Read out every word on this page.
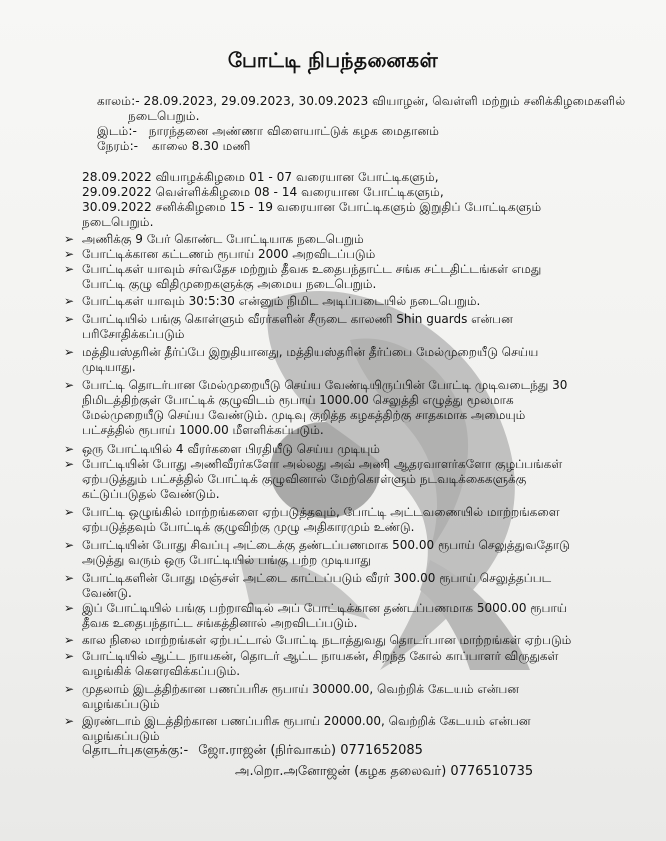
போட்டி நிபந்தனைகள்
காலம்:- 28.09.2023, 29.09.2023, 30.09.2023 வியாழன், வெள்ளி மற்றும் சனிக்கிழமைகளில்
நடைபெறும்.
இடம்:- நாரந்தனை அண்ணா விளையாட்டுக் கழக மைதானம்
நேரம்:- காலை 8.30 மணி
28.09.2022 வியாழக்கிழமை 01 - 07 வரையான போட்டிகளும்,
29.09.2022 வெள்ளிக்கிழமை 08 - 14 வரையான போட்டிகளும்,
30.09.2022 சனிக்கிழமை 15 - 19 வரையான போட்டிகளும் இறுதிப் போட்டிகளும்
நடைபெறும்.
➢ அணிக்கு 9 பேர் கொண்ட போட்டியாக நடைபெறும்
➢ போட்டிக்கான கட்டணம் ரூபாய் 2000 அறவிடப்படும்
➢ போட்டிகள் யாவும் சர்வதேச மற்றும் தீவக உதைபந்தாட்ட சங்க சட்டதிட்டங்கள் எமது
போட்டி குழு விதிமுறைகளுக்கு அமைய நடைபெறும்.
➢ போட்டிகள் யாவும் 30:5:30 என்னும் நிமிட அடிப்படையில் நடைபெறும்.
➢ போட்டியில் பங்கு கொள்ளும் வீரர்களின் சீருடை காலணி Shin guards என்பன
பரிசோதிக்கப்படும்
➢ மத்தியஸ்தரின் தீர்ப்பே இறுதியானது, மத்தியஸ்தரின் தீர்ப்பை மேல்முறையீடு செய்ய
முடியாது.
➢ போட்டி தொடர்பான மேல்முறையீடு செய்ய வேண்டியிருப்பின் போட்டி முடிவடைந்து 30
நிமிடத்திற்குள் போட்டிக் குழுவிடம் ரூபாய் 1000.00 செலுத்தி எழுத்து மூலமாக
மேல்முறையீடு செய்ய வேண்டும். முடிவு குறித்த கழகத்திற்கு சாதகமாக அமையும்
பட்சத்தில் ரூபாய் 1000.00 மீளளிக்கப்படும்.
➢ ஒரு போட்டியில் 4 வீரர்களை பிரதியீடு செய்ய முடியும்
➢ போட்டியின் போது அணிவீரர்களோ அல்லது அவ் அணி ஆதரவாளர்களோ குழப்பங்கள்
ஏற்படுத்தும் பட்சத்தில் போட்டிக் குழுவினால் மேற்கொள்ளும் நடவடிக்கைகளுக்கு
கட்டுப்படுதல் வேண்டும்.
➢ போட்டி ஒழுங்கில் மாற்றங்களை ஏற்படுத்தவும், போட்டி அட்டவணையில் மாற்றங்களை
ஏற்படுத்தவும் போட்டிக் குழுவிற்கு முழு அதிகாரமும் உண்டு.
➢ போட்டியின் போது சிவப்பு அட்டைக்கு தண்டப்பணமாக 500.00 ரூபாய் செலுத்துவதோடு
அடுத்து வரும் ஒரு போட்டியில் பங்கு பற்ற முடியாது
➢ போட்டிகளின் போது மஞ்சள் அட்டை காட்டப்படும் வீரர் 300.00 ரூபாய் செலுத்தப்பட
வேண்டு.
➢ இப் போட்டியில் பங்கு பற்றாவிடில் அப் போட்டிக்கான தண்டப்பணமாக 5000.00 ரூபாய்
தீவக உதைபந்தாட்ட சங்கத்தினால் அறவிடப்படும்.
➢ கால நிலை மாற்றங்கள் ஏற்பட்டால் போட்டி நடாத்துவது தொடர்பான மாற்றங்கள் ஏற்படும்
➢ போட்டியில் ஆட்ட நாயகன், தொடர் ஆட்ட நாயகன், சிறந்த கோல் காப்பாளர் விருதுகள்
வழங்கிக் கௌரவிக்கப்படும்.
➢ முதலாம் இடத்திற்கான பணப்பரிசு ரூபாய் 30000.00, வெற்றிக் கேடயம் என்பன
வழங்கப்படும்
➢ இரண்டாம் இடத்திற்கான பணப்பரிசு ரூபாய் 20000.00, வெற்றிக் கேடயம் என்பன
வழங்கப்படும்
தொடர்புகளுக்கு:- ஜோ.ராஜன் (நிர்வாகம்) 0771652085
அ.றொ.அனோஜன் (கழக தலைவர்) 0776510735
